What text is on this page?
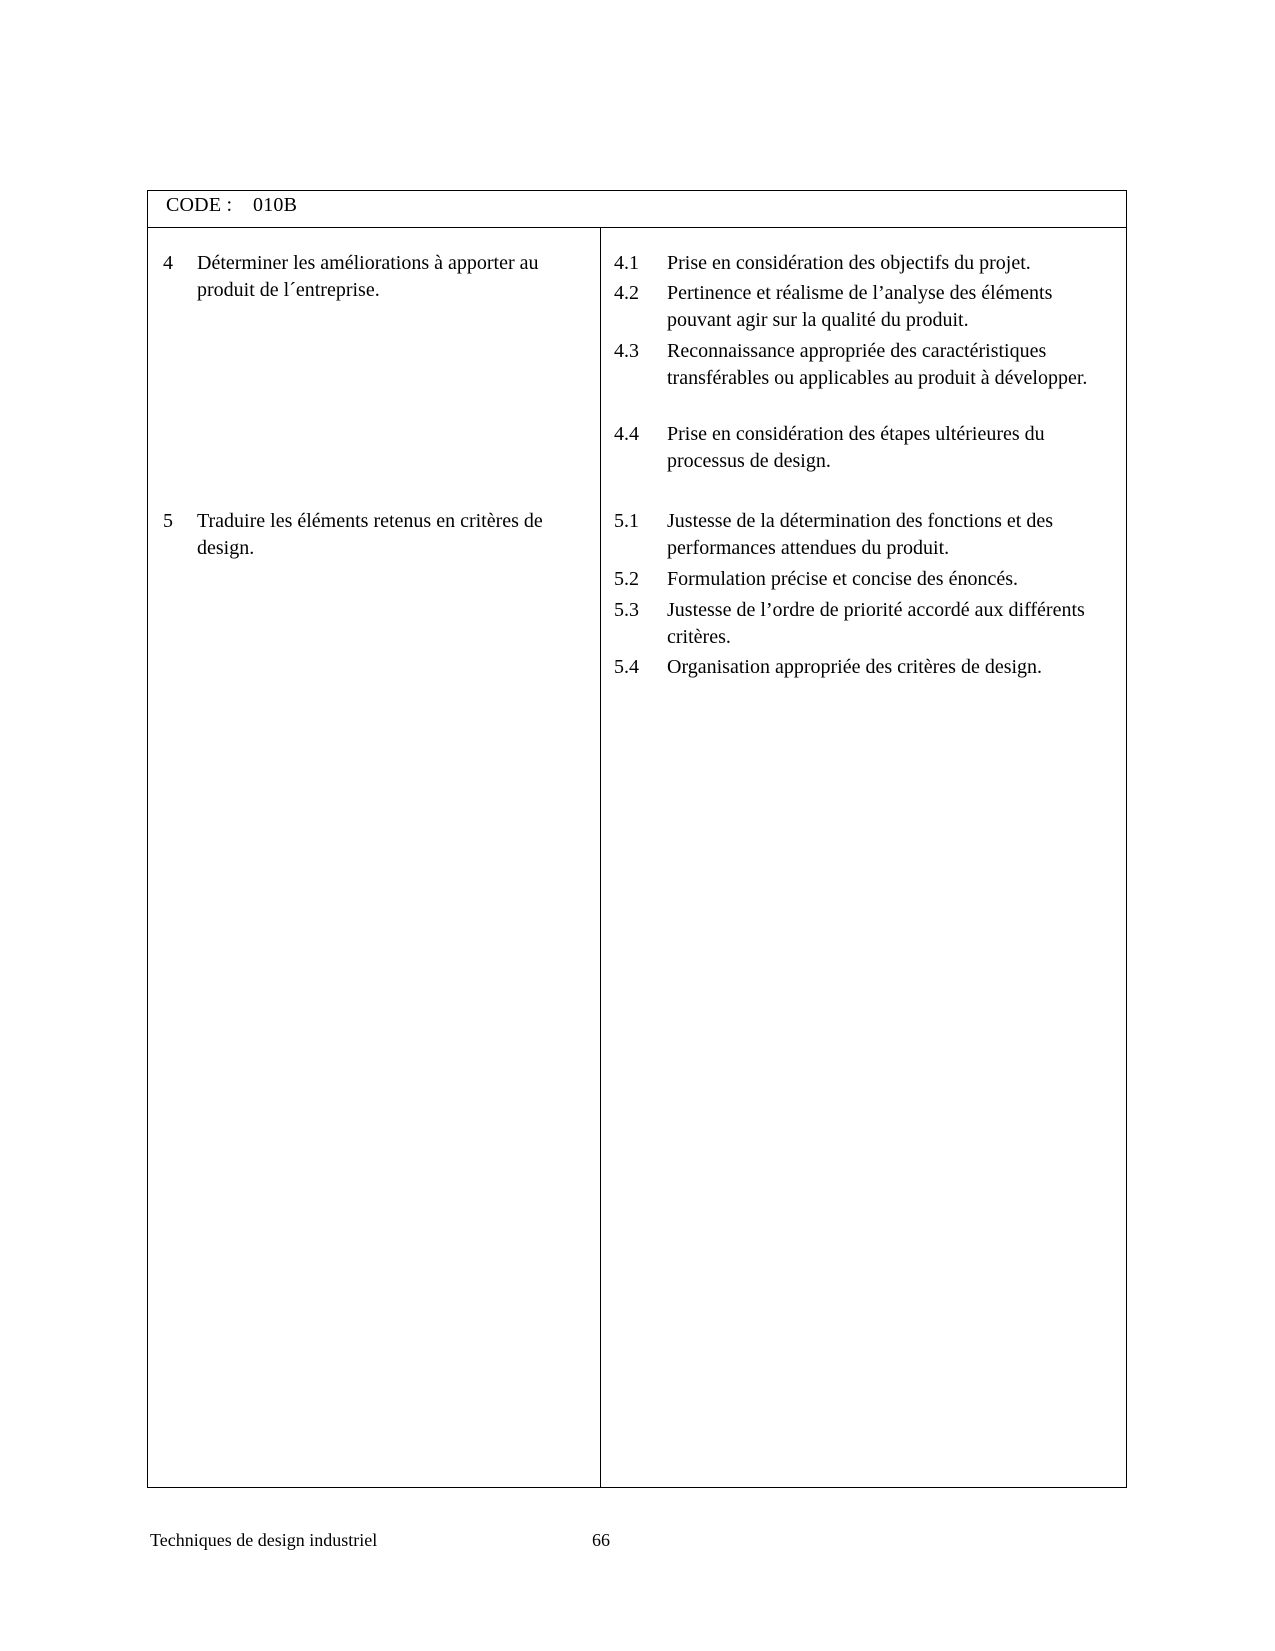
CODE : 010B
4	Déterminer les améliorations à apporter au produit de l´entreprise.
5	Traduire les éléments retenus en critères de design.
4.1	Prise en considération des objectifs du projet.
4.2	Pertinence et réalisme de l’analyse des éléments pouvant agir sur la qualité du produit.
4.3	Reconnaissance appropriée des caractéristiques transférables ou applicables au produit à développer.
4.4	Prise en considération des étapes ultérieures du processus de design.
5.1	Justesse de la détermination des fonctions et des performances attendues du produit.
5.2	Formulation précise et concise des énoncés.
5.3	Justesse de l’ordre de priorité accordé aux différents critères.
5.4	Organisation appropriée des critères de design.
Techniques de design industriel	66
